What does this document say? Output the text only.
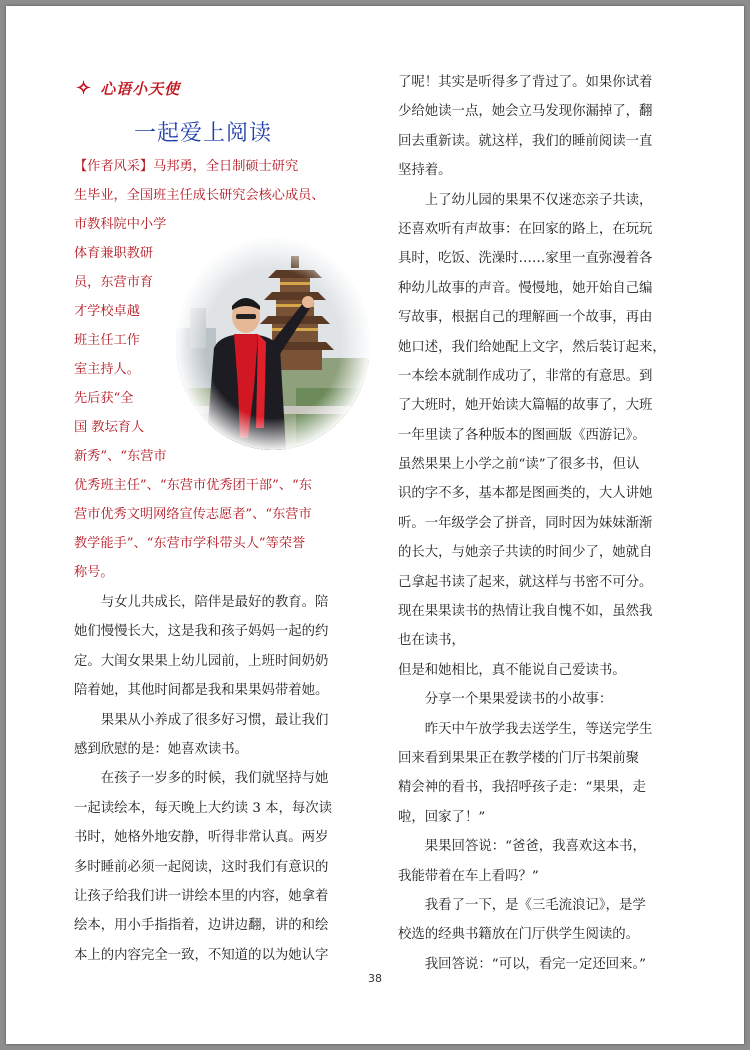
✧ 心语小天使
一起爱上阅读
【作者风采】马邦勇，全日制硕士研究
生毕业，全国班主任成长研究会核心成员、
市教科院中小学
体育兼职教研
员，东营市育
才学校卓越
班主任工作
室主持人。
先后获“全
国 教坛育人
新秀”、“东营市
优秀班主任”、“东营市优秀团干部”、“东
营市优秀文明网络宣传志愿者”、“东营市
教学能手”、“东营市学科带头人”等荣誉
称号。

　　与女儿共成长，陪伴是最好的教育。陪

她们慢慢长大，这是我和孩子妈妈一起的约

定。大闺女果果上幼儿园前，上班时间奶奶

陪着她，其他时间都是我和果果妈带着她。

　　果果从小养成了很多好习惯，最让我们

感到欣慰的是：她喜欢读书。

　　在孩子一岁多的时候，我们就坚持与她

一起读绘本，每天晚上大约读 3 本，每次读

书时，她格外地安静，听得非常认真。两岁

多时睡前必须一起阅读，这时我们有意识的

让孩子给我们讲一讲绘本里的内容，她拿着

绘本，用小手指指着，边讲边翻，讲的和绘

本上的内容完全一致，不知道的以为她认字

了呢！其实是听得多了背过了。如果你试着

少给她读一点，她会立马发现你漏掉了，翻

回去重新读。就这样，我们的睡前阅读一直

坚持着。

　　上了幼儿园的果果不仅迷恋亲子共读，

还喜欢听有声故事：在回家的路上，在玩玩

具时，吃饭、洗澡时……家里一直弥漫着各

种幼儿故事的声音。慢慢地，她开始自己编

写故事，根据自己的理解画一个故事，再由

她口述，我们给她配上文字，然后装订起来，

一本绘本就制作成功了，非常的有意思。到

了大班时，她开始读大篇幅的故事了，大班

一年里读了各种版本的图画版《西游记》。

虽然果果上小学之前“读”了很多书，但认

识的字不多，基本都是图画类的，大人讲她

听。一年级学会了拼音，同时因为妹妹渐渐

的长大，与她亲子共读的时间少了，她就自

己拿起书读了起来，就这样与书密不可分。

现在果果读书的热情让我自愧不如，虽然我

也在读书，

但是和她相比，真不能说自己爱读书。

　　分享一个果果爱读书的小故事：

　　昨天中午放学我去送学生，等送完学生

回来看到果果正在教学楼的门厅书架前聚

精会神的看书，我招呼孩子走：“果果，走

啦，回家了！”

　　果果回答说：“爸爸，我喜欢这本书，

我能带着在车上看吗？”

　　我看了一下，是《三毛流浪记》，是学

校选的经典书籍放在门厅供学生阅读的。

　　我回答说：“可以，看完一定还回来。”

38
